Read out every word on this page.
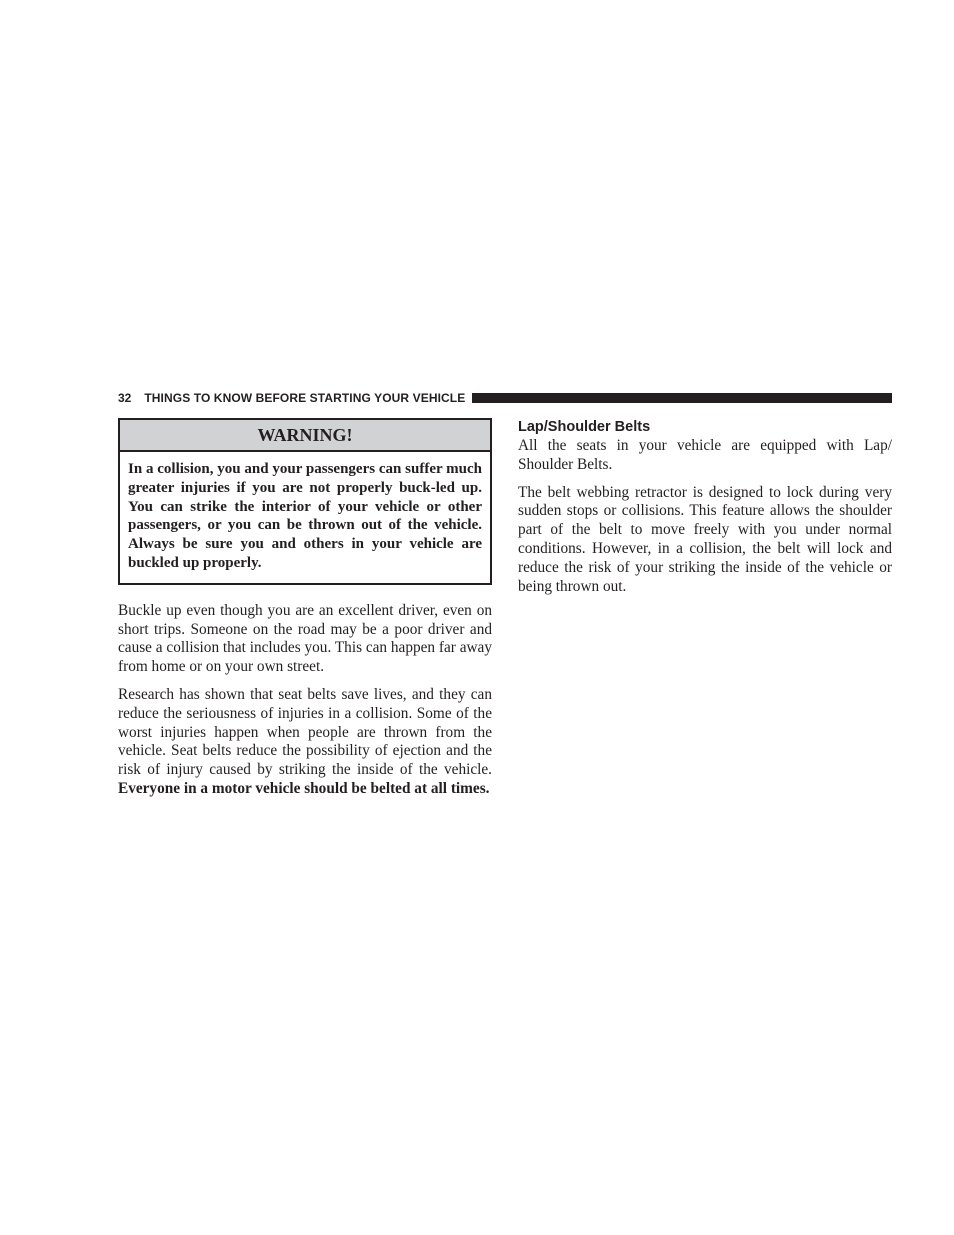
32 THINGS TO KNOW BEFORE STARTING YOUR VEHICLE
WARNING!
In a collision, you and your passengers can suffer much greater injuries if you are not properly buck-led up. You can strike the interior of your vehicle or other passengers, or you can be thrown out of the vehicle. Always be sure you and others in your vehicle are buckled up properly.

Buckle up even though you are an excellent driver, even on short trips. Someone on the road may be a poor driver and cause a collision that includes you. This can happen far away from home or on your own street.

Research has shown that seat belts save lives, and they can reduce the seriousness of injuries in a collision. Some of the worst injuries happen when people are thrown from the vehicle. Seat belts reduce the possibility of ejection and the risk of injury caused by striking the inside of the vehicle. Everyone in a motor vehicle should be belted at all times.

Lap/Shoulder Belts

All the seats in your vehicle are equipped with Lap/ Shoulder Belts.

The belt webbing retractor is designed to lock during very sudden stops or collisions. This feature allows the shoulder part of the belt to move freely with you under normal conditions. However, in a collision, the belt will lock and reduce the risk of your striking the inside of the vehicle or being thrown out.
